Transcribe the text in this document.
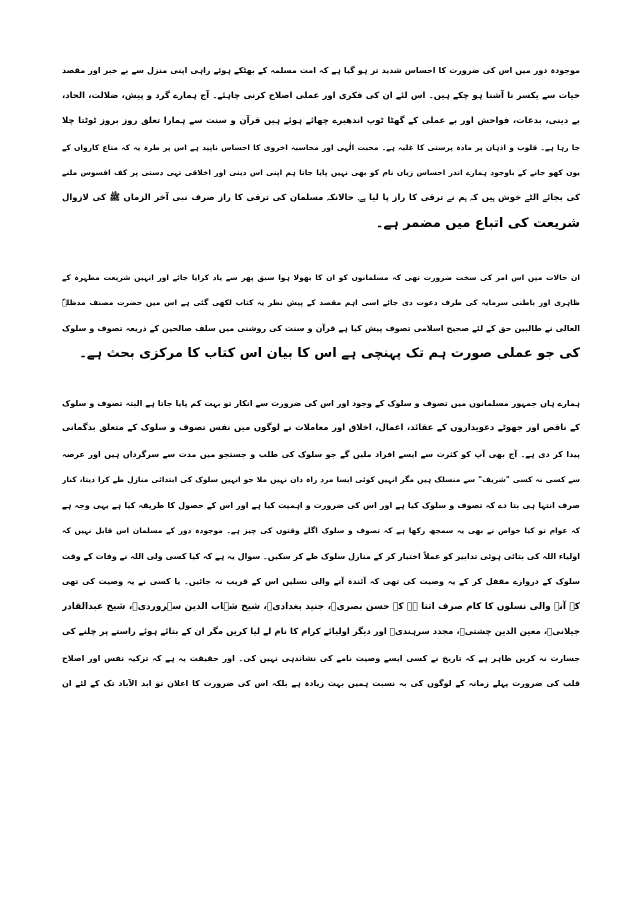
موجودہ دور میں اس کی ضرورت کا احساس شدید تر ہو گیا ہے کہ امت مسلمہ کے بھٹکے ہوئے راہی اپنی منزل سے بے خبر اور مقصد
حیات سے یکسر نا آشنا ہو چکے ہیں۔ اس لئے ان کی فکری اور عملی اصلاح کرنی چاہئے۔ آج ہمارے گرد و پیش، ضلالت، الحاد،
بے دینی، بدعات، فواحش اور بے عملی کے گھٹا ٹوپ اندھیرے چھائے ہوئے ہیں قرآن و سنت سے ہمارا تعلق روز بروز ٹوٹتا چلا
جا رہا ہے۔ قلوب و اذہان پر مادہ پرستی کا غلبہ ہے۔ محبت الٰہی اور محاسبہ اخروی کا احساس ناپید ہے اس پر طرہ یہ کہ متاع کارواں کے
یوں کھو جانے کے باوجود ہمارے اندر احساس زیاں نام کو بھی نہیں پایا جاتا ہم اپنی اس دینی اور اخلاقی تہی دستی پر کف افسوس ملنے
کی بجائے الٹے خوش ہیں کہ ہم نے ترقی کا راز پا لیا ہے۔ حالانکہ مسلمان کی ترقی کا راز صرف نبی آخر الزماں ﷺ کی لازوال
شریعت کی اتباع میں مضمر ہے۔
ان حالات میں اس امر کی سخت ضرورت تھی کہ مسلمانوں کو ان کا بھولا ہوا سبق پھر سے یاد کرایا جائے اور انہیں شریعت مطہرہ کے
ظاہری اور باطنی سرمایہ کی طرف دعوت دی جائے اسی اہم مقصد کے پیش نظر یہ کتاب لکھی گئی ہے اس میں حضرت مصنف مدظلہٗ
العالی نے طالبین حق کے لئے صحیح اسلامی تصوف پیش کیا ہے قرآن و سنت کی روشنی میں سلف صالحین کے ذریعہ تصوف و سلوک
کی جو عملی صورت ہم تک پہنچی ہے اس کا بیان اس کتاب کا مرکزی بحث ہے۔
ہمارے ہاں جمہور مسلمانوں میں تصوف و سلوک کے وجود اور اس کی ضرورت سے انکار تو بہت کم پایا جاتا ہے البتہ تصوف و سلوک
کے ناقص اور جھوٹے دعویداروں کے عقائد، اعمال، اخلاق اور معاملات نے لوگوں میں نفس تصوف و سلوک کے متعلق بدگمانی
پیدا کر دی ہے۔ آج بھی آپ کو کثرت سے ایسے افراد ملیں گے جو سلوک کی طلب و جستجو میں مدت سے سرگرداں ہیں اور عرصہ
سے کسی نہ کسی "شریف" سے منسلک ہیں مگر انہیں کوئی ایسا مرد راہ دان نہیں ملا جو انہیں سلوک کی ابتدائی منازل طے کرا دیتا، کنار
صرف انتہا ہی بتا دے کہ تصوف و سلوک کیا ہے اور اس کی ضرورت و اہمیت کیا ہے اور اس کے حصول کا طریقہ کیا ہے یہی وجہ ہے
کہ عوام تو کیا خواص نے بھی یہ سمجھ رکھا ہے کہ تصوف و سلوک اگلے وقتوں کی چیز ہے۔ موجودہ دور کے مسلمان اس قابل نہیں کہ
اولیاء اللہ کی بتائی ہوئی تدابیر کو عملاً اختیار کر کے منازل سلوک طے کر سکیں۔ سوال یہ ہے کہ کیا کسی ولی اللہ نے وفات کے وقت
سلوک کے دروازے مقفل کر کے یہ وصیت کی تھی کہ آئندہ آنے والی نسلیں اس کے قریب نہ جائیں۔ یا کسی نے یہ وصیت کی تھی
کہ آنے والی نسلوں کا کام صرف اتنا ہے کہ حسن بصریؒ، جنید بغدادیؒ، شیخ شہاب الدین سہروردیؒ، شیخ عبدالقادر
جیلانیؒ، معین الدین چشتیؒ، مجدد سرہندیؒ اور دیگر اولیائے کرام کا نام لے لیا کریں مگر ان کے بتائے ہوئے راستے پر چلنے کی
جسارت نہ کریں ظاہر ہے کہ تاریخ نے کسی ایسے وصیت نامے کی نشاندہی نہیں کی۔ اور حقیقت یہ ہے کہ تزکیہ نفس اور اصلاح
قلب کی ضرورت پہلے زمانہ کے لوگوں کی بہ نسبت ہمیں بہت زیادہ ہے بلکہ اس کی ضرورت کا اعلان تو ابد الآباد تک کے لئے ان
